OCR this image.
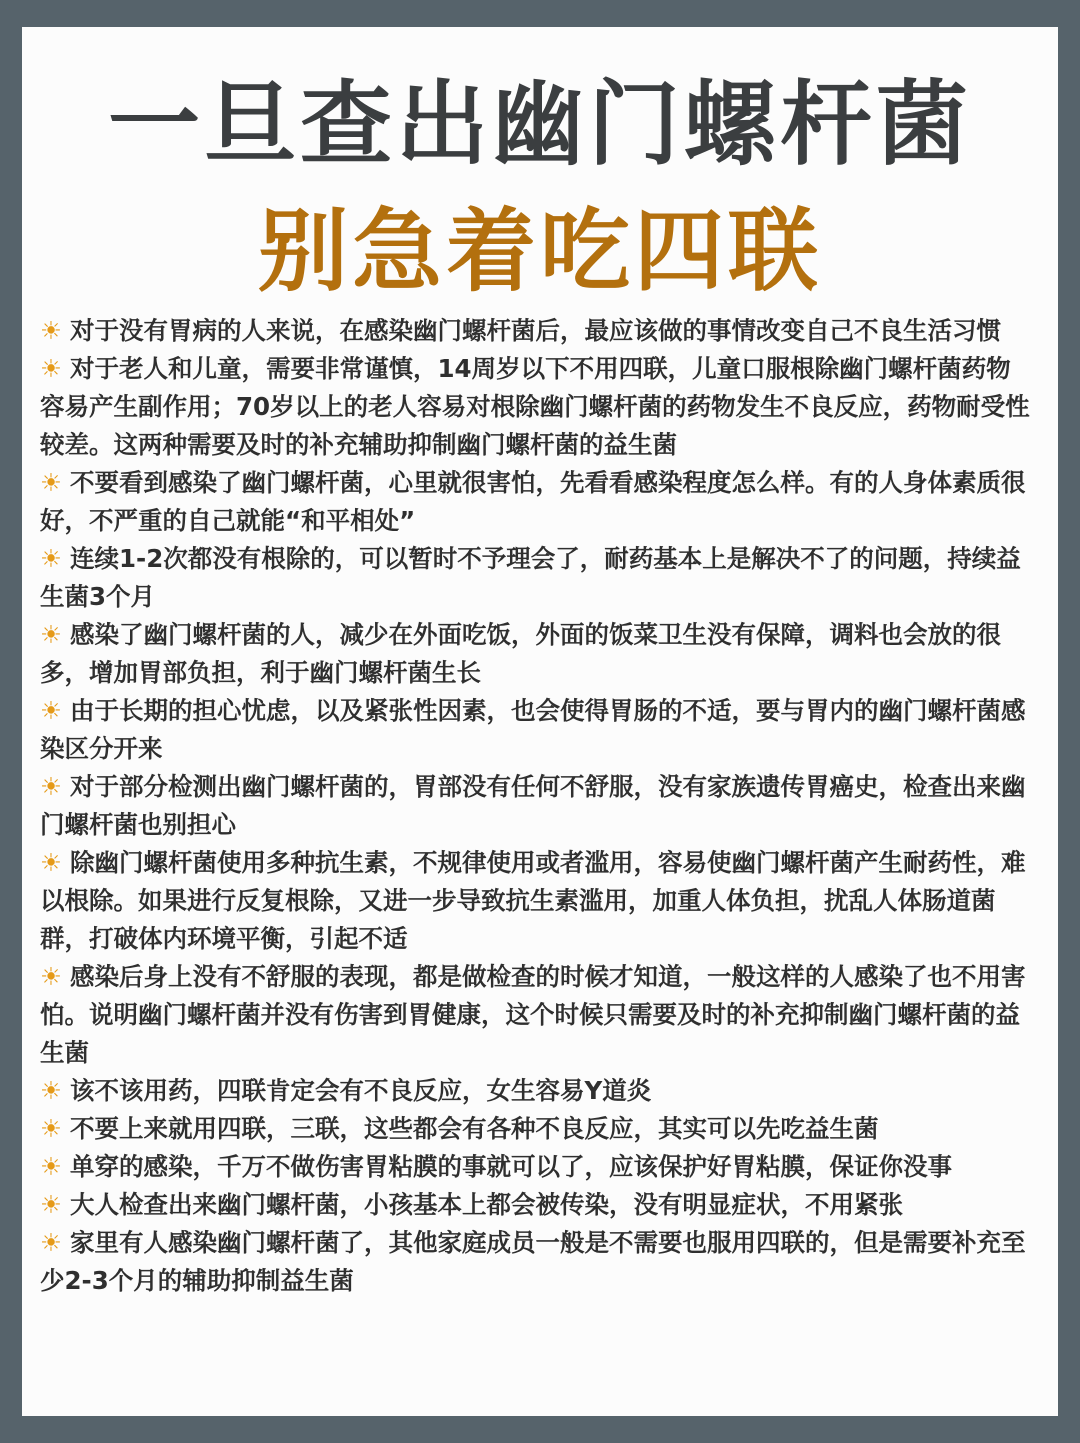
一旦查出幽门螺杆菌
别急着吃四联

☀ 对于没有胃病的人来说，在感染幽门螺杆菌后，最应该做的事情改变自己不良生活习惯

☀ 对于老人和儿童，需要非常谨慎，14周岁以下不用四联，儿童口服根除幽门螺杆菌药物容易产生副作用；70岁以上的老人容易对根除幽门螺杆菌的药物发生不良反应，药物耐受性较差。这两种需要及时的补充辅助抑制幽门螺杆菌的益生菌

☀ 不要看到感染了幽门螺杆菌，心里就很害怕，先看看感染程度怎么样。有的人身体素质很好，不严重的自己就能“和平相处”

☀ 连续1-2次都没有根除的，可以暂时不予理会了，耐药基本上是解决不了的问题，持续益生菌3个月

☀ 感染了幽门螺杆菌的人，减少在外面吃饭，外面的饭菜卫生没有保障，调料也会放的很多，增加胃部负担，利于幽门螺杆菌生长

☀ 由于长期的担心忧虑，以及紧张性因素，也会使得胃肠的不适，要与胃内的幽门螺杆菌感染区分开来

☀ 对于部分检测出幽门螺杆菌的，胃部没有任何不舒服，没有家族遗传胃癌史，检查出来幽门螺杆菌也别担心

☀ 除幽门螺杆菌使用多种抗生素，不规律使用或者滥用，容易使幽门螺杆菌产生耐药性，难以根除。如果进行反复根除，又进一步导致抗生素滥用，加重人体负担，扰乱人体肠道菌群，打破体内环境平衡，引起不适

☀ 感染后身上没有不舒服的表现，都是做检查的时候才知道，一般这样的人感染了也不用害怕。说明幽门螺杆菌并没有伤害到胃健康，这个时候只需要及时的补充抑制幽门螺杆菌的益生菌

☀ 该不该用药，四联肯定会有不良反应，女生容易Y道炎

☀ 不要上来就用四联，三联，这些都会有各种不良反应，其实可以先吃益生菌

☀ 单穿的感染，千万不做伤害胃粘膜的事就可以了，应该保护好胃粘膜，保证你没事

☀ 大人检查出来幽门螺杆菌，小孩基本上都会被传染，没有明显症状，不用紧张

☀ 家里有人感染幽门螺杆菌了，其他家庭成员一般是不需要也服用四联的，但是需要补充至少2-3个月的辅助抑制益生菌
